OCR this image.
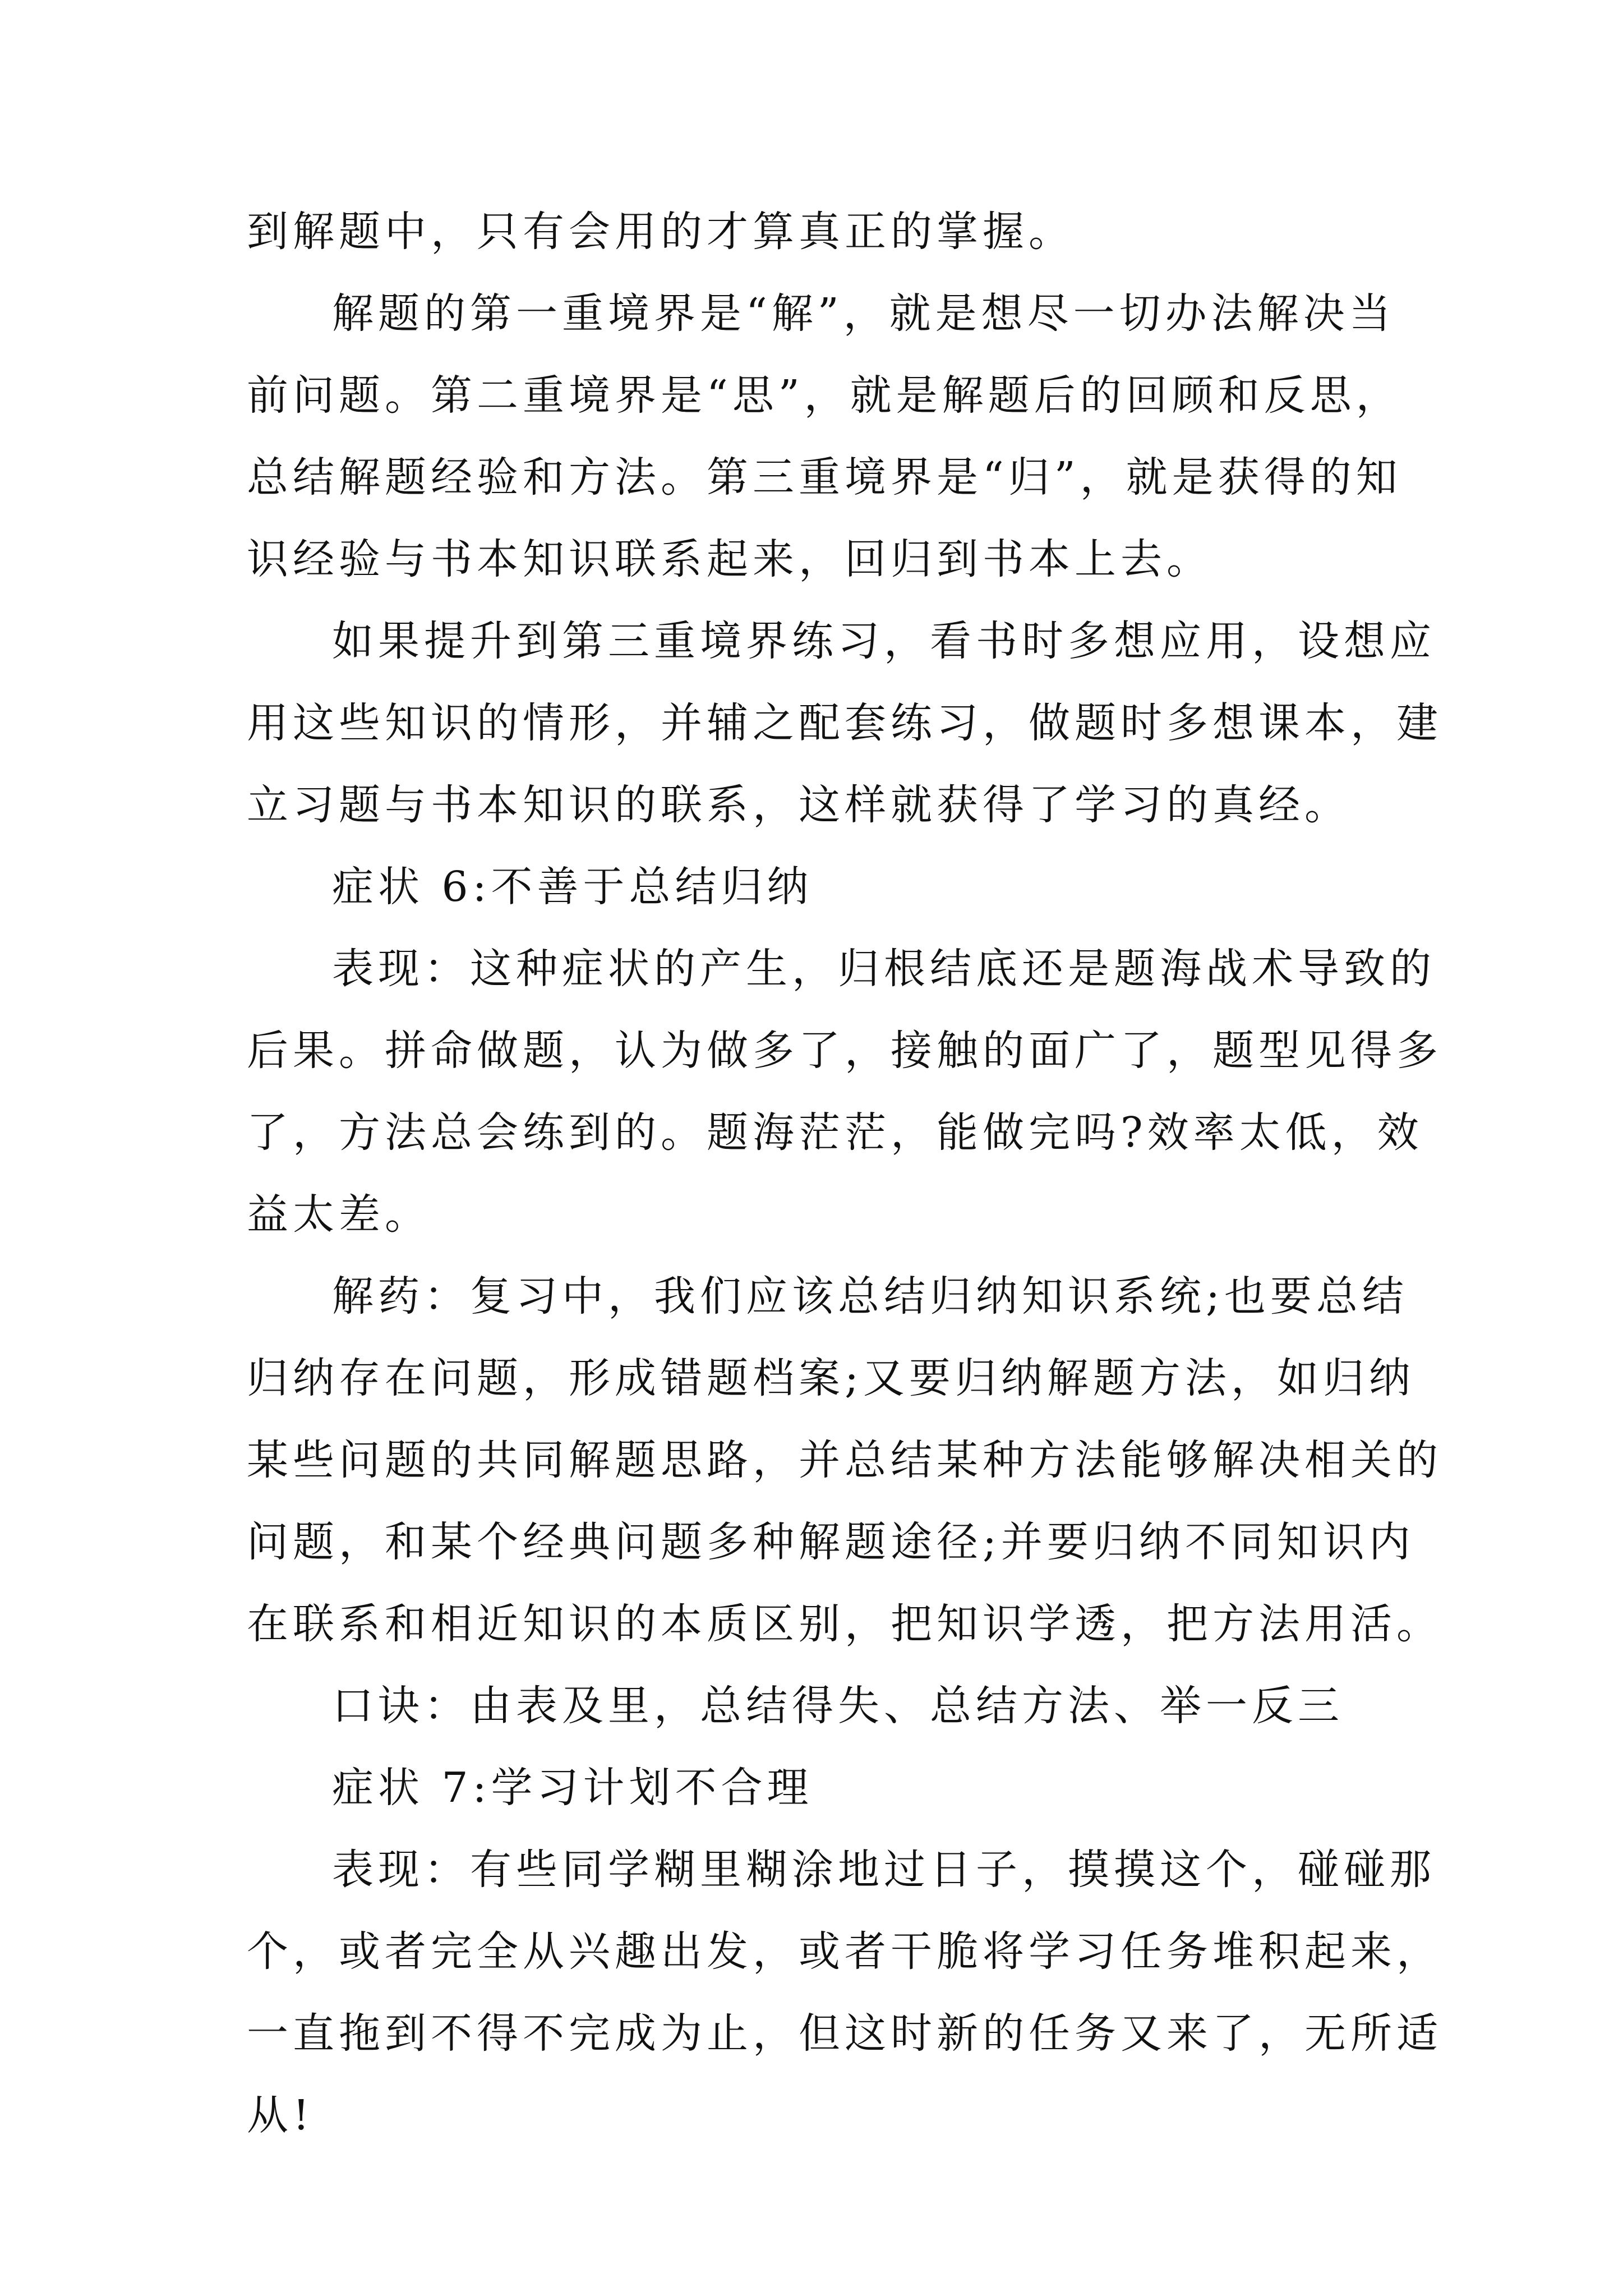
到解题中，只有会用的才算真正的掌握。
解题的第一重境界是“解”，就是想尽一切办法解决当
前问题。第二重境界是“思”，就是解题后的回顾和反思，
总结解题经验和方法。第三重境界是“归”，就是获得的知
识经验与书本知识联系起来，回归到书本上去。
如果提升到第三重境界练习，看书时多想应用，设想应
用这些知识的情形，并辅之配套练习，做题时多想课本，建
立习题与书本知识的联系，这样就获得了学习的真经。
症状 6:不善于总结归纳
表现：这种症状的产生，归根结底还是题海战术导致的
后果。拼命做题，认为做多了，接触的面广了，题型见得多
了，方法总会练到的。题海茫茫，能做完吗?效率太低，效
益太差。
解药：复习中，我们应该总结归纳知识系统;也要总结
归纳存在问题，形成错题档案;又要归纳解题方法，如归纳
某些问题的共同解题思路，并总结某种方法能够解决相关的
问题，和某个经典问题多种解题途径;并要归纳不同知识内
在联系和相近知识的本质区别，把知识学透，把方法用活。
口诀：由表及里，总结得失、总结方法、举一反三
症状 7:学习计划不合理
表现：有些同学糊里糊涂地过日子，摸摸这个，碰碰那
个，或者完全从兴趣出发，或者干脆将学习任务堆积起来，
一直拖到不得不完成为止，但这时新的任务又来了，无所适
从!
